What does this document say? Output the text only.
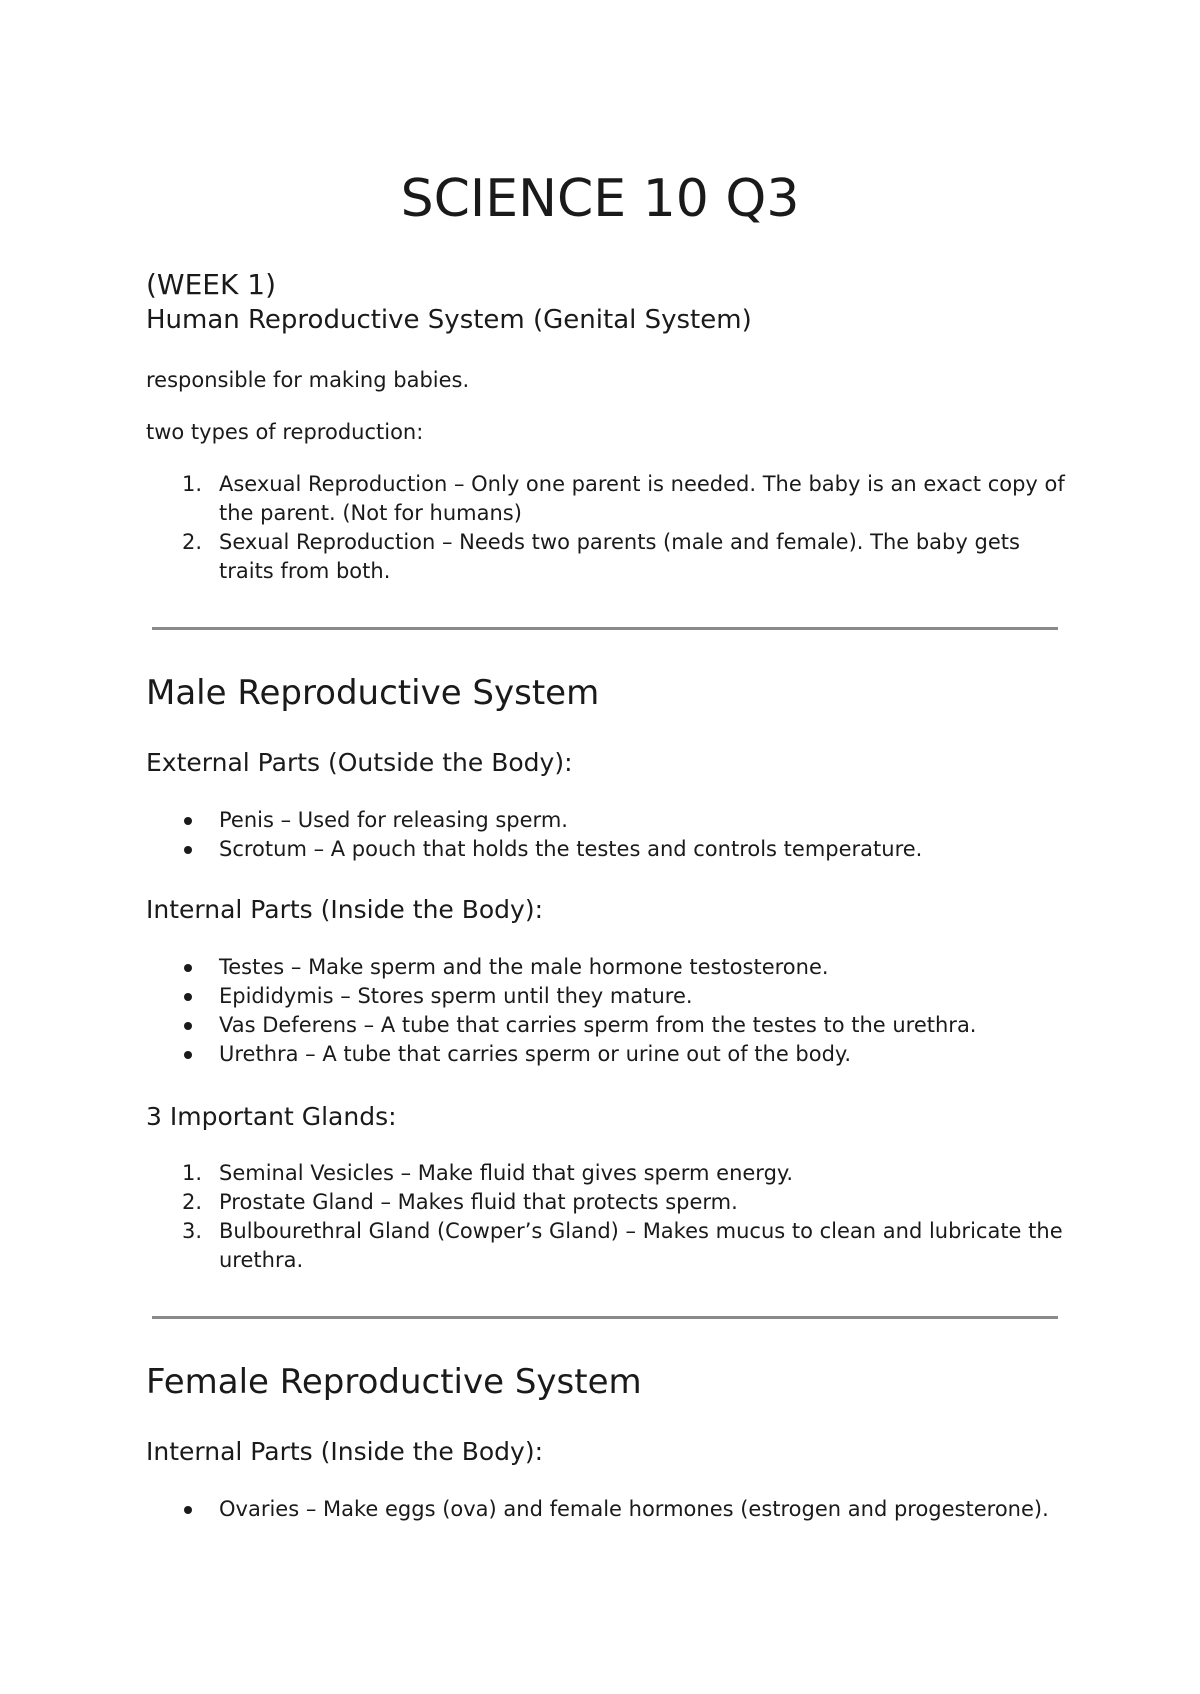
SCIENCE 10 Q3

(WEEK 1)

Human Reproductive System (Genital System)

responsible for making babies.

two types of reproduction:

1. Asexual Reproduction – Only one parent is needed. The baby is an exact copy of the parent. (Not for humans)
2. Sexual Reproduction – Needs two parents (male and female). The baby gets traits from both.
Male Reproductive System
External Parts (Outside the Body):
Penis – Used for releasing sperm.
Scrotum – A pouch that holds the testes and controls temperature.
Internal Parts (Inside the Body):
Testes – Make sperm and the male hormone testosterone.
Epididymis – Stores sperm until they mature.
Vas Deferens – A tube that carries sperm from the testes to the urethra.
Urethra – A tube that carries sperm or urine out of the body.
3 Important Glands:
1. Seminal Vesicles – Make fluid that gives sperm energy.
2. Prostate Gland – Makes fluid that protects sperm.
3. Bulbourethral Gland (Cowper’s Gland) – Makes mucus to clean and lubricate the urethra.
Female Reproductive System
Internal Parts (Inside the Body):
Ovaries – Make eggs (ova) and female hormones (estrogen and progesterone).
